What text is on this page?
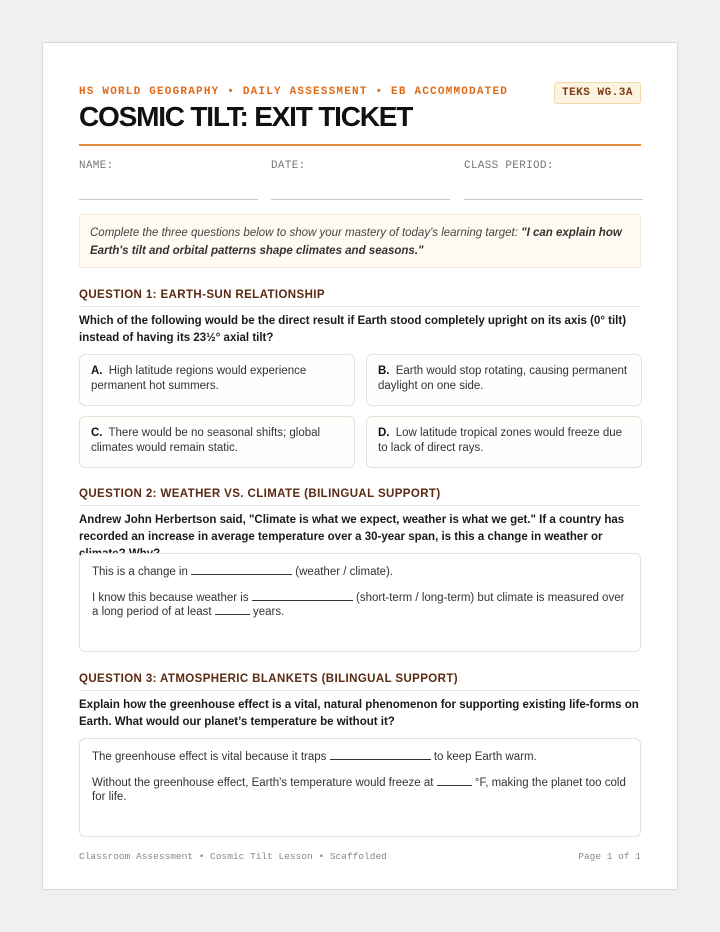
HS WORLD GEOGRAPHY • DAILY ASSESSMENT • EB ACCOMMODATED	TEKS WG.3A
COSMIC TILT: EXIT TICKET
NAME:	DATE:	CLASS PERIOD:
Complete the three questions below to show your mastery of today's learning target: "I can explain how Earth's tilt and orbital patterns shape climates and seasons."
QUESTION 1: EARTH-SUN RELATIONSHIP
Which of the following would be the direct result if Earth stood completely upright on its axis (0° tilt) instead of having its 23½° axial tilt?
A. High latitude regions would experience permanent hot summers.
B. Earth would stop rotating, causing permanent daylight on one side.
C. There would be no seasonal shifts; global climates would remain static.
D. Low latitude tropical zones would freeze due to lack of direct rays.
QUESTION 2: WEATHER VS. CLIMATE (BILINGUAL SUPPORT)
Andrew John Herbertson said, "Climate is what we expect, weather is what we get." If a country has recorded an increase in average temperature over a 30-year span, is this a change in weather or

This is a change in	(weather / climate).

I know this because weather is	(short-term / long-term) but climate is measured over a long period of at least	years.

QUESTION 3: ATMOSPHERIC BLANKETS (BILINGUAL SUPPORT)
Explain how the greenhouse effect is a vital, natural phenomenon for supporting existing life-forms on Earth. What would our planet’s temperature be without it?

The greenhouse effect is vital because it traps	to keep Earth warm.

Without the greenhouse effect, Earth's temperature would freeze at	°F, making the planet too cold for life.

Classroom Assessment • Cosmic Tilt Lesson • Scaffolded	Page 1 of 1
